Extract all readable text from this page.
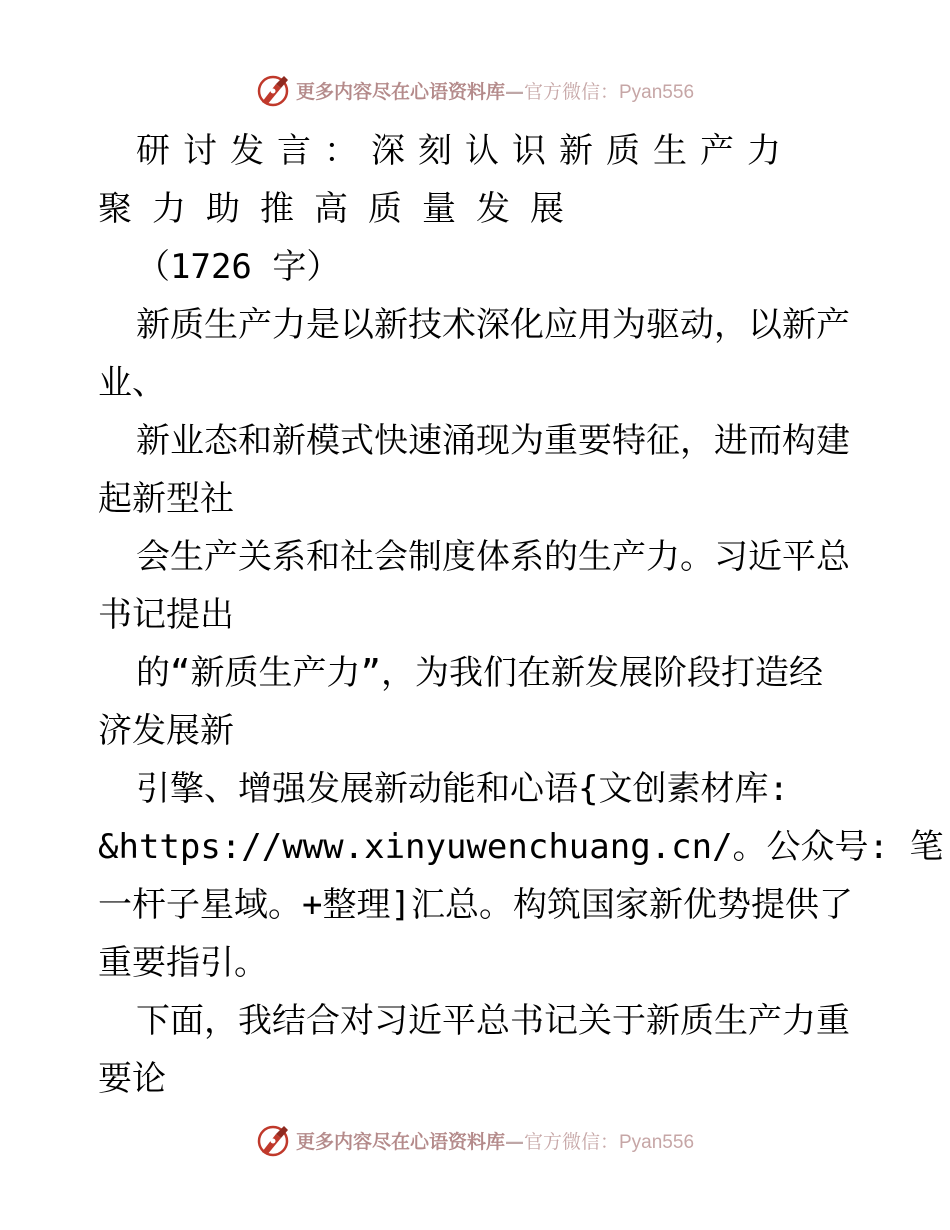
更多内容尽在心语资料库—官方微信：Pyan556
研讨发言：深刻认识新质生产力
聚力助推高质量发展
（1726 字）
新质生产力是以新技术深化应用为驱动，以新产
业、
新业态和新模式快速涌现为重要特征，进而构建
起新型社
会生产关系和社会制度体系的生产力。习近平总
书记提出
的“新质生产力”，为我们在新发展阶段打造经
济发展新
引擎、增强发展新动能和心语{文创素材库:
&https://www.xinyuwenchuang.cn/。公众号: 笔
一杆子星域。+整理]汇总。构筑国家新优势提供了
重要指引。
下面，我结合对习近平总书记关于新质生产力重
要论
更多内容尽在心语资料库—官方微信：Pyan556
